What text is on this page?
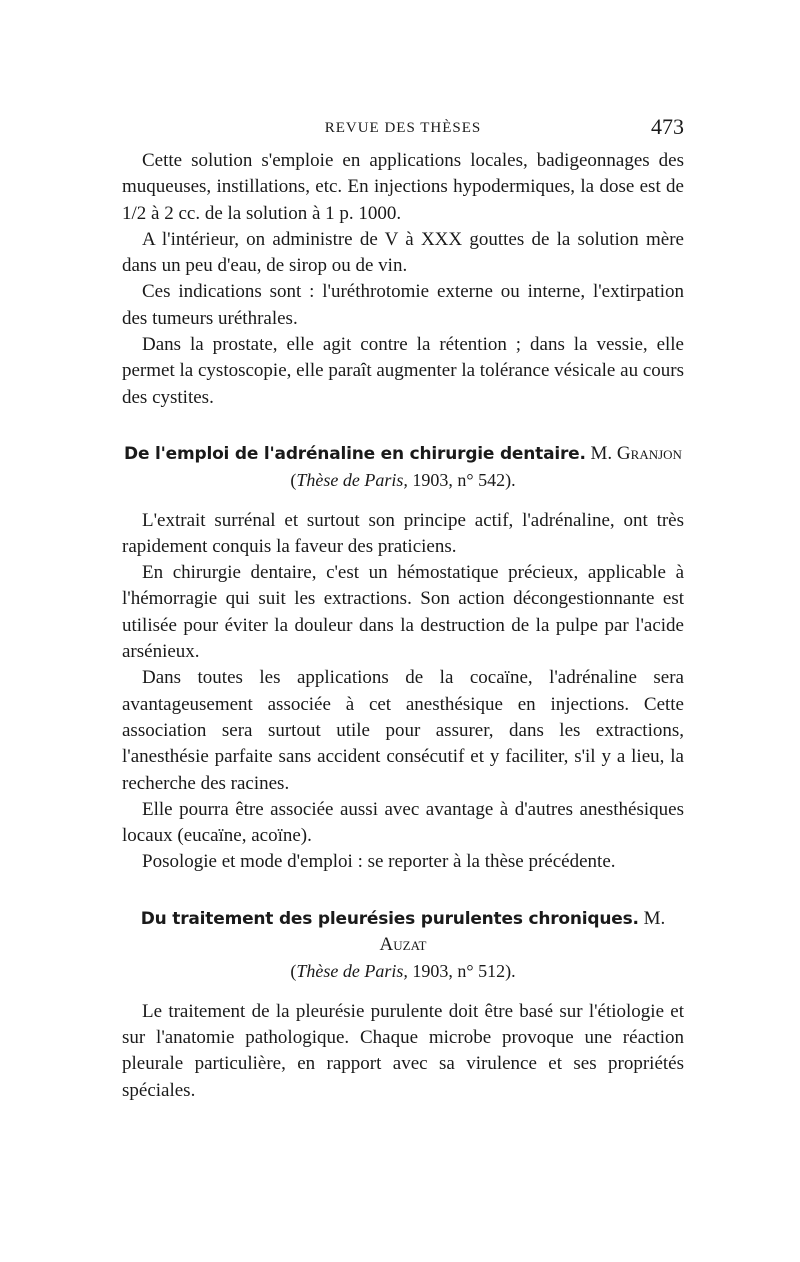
REVUE DES THÈSES	473

Cette solution s'emploie en applications locales, badigeonnages des muqueuses, instillations, etc. En injections hypodermiques, la dose est de 1/2 à 2 cc. de la solution à 1 p. 1000.

A l'intérieur, on administre de V à XXX gouttes de la solution mère dans un peu d'eau, de sirop ou de vin.

Ces indications sont : l'uréthrotomie externe ou interne, l'extirpation des tumeurs uréthrales.

Dans la prostate, elle agit contre la rétention ; dans la vessie, elle permet la cystoscopie, elle paraît augmenter la tolérance vésicale au cours des cystites.

De l'emploi de l'adrénaline en chirurgie dentaire. M. Granjon
(Thèse de Paris, 1903, n° 542).

L'extrait surrénal et surtout son principe actif, l'adrénaline, ont très rapidement conquis la faveur des praticiens.

En chirurgie dentaire, c'est un hémostatique précieux, applicable à l'hémorragie qui suit les extractions. Son action décongestionnante est utilisée pour éviter la douleur dans la destruction de la pulpe par l'acide arsénieux.

Dans toutes les applications de la cocaïne, l'adrénaline sera avantageusement associée à cet anesthésique en injections. Cette association sera surtout utile pour assurer, dans les extractions, l'anesthésie parfaite sans accident consécutif et y faciliter, s'il y a lieu, la recherche des racines.

Elle pourra être associée aussi avec avantage à d'autres anesthésiques locaux (eucaïne, acoïne).

Posologie et mode d'emploi : se reporter à la thèse précédente.

Du traitement des pleurésies purulentes chroniques. M. Auzat
(Thèse de Paris, 1903, n° 512).

Le traitement de la pleurésie purulente doit être basé sur l'étiologie et sur l'anatomie pathologique. Chaque microbe provoque une réaction pleurale particulière, en rapport avec sa virulence et ses propriétés spéciales.
